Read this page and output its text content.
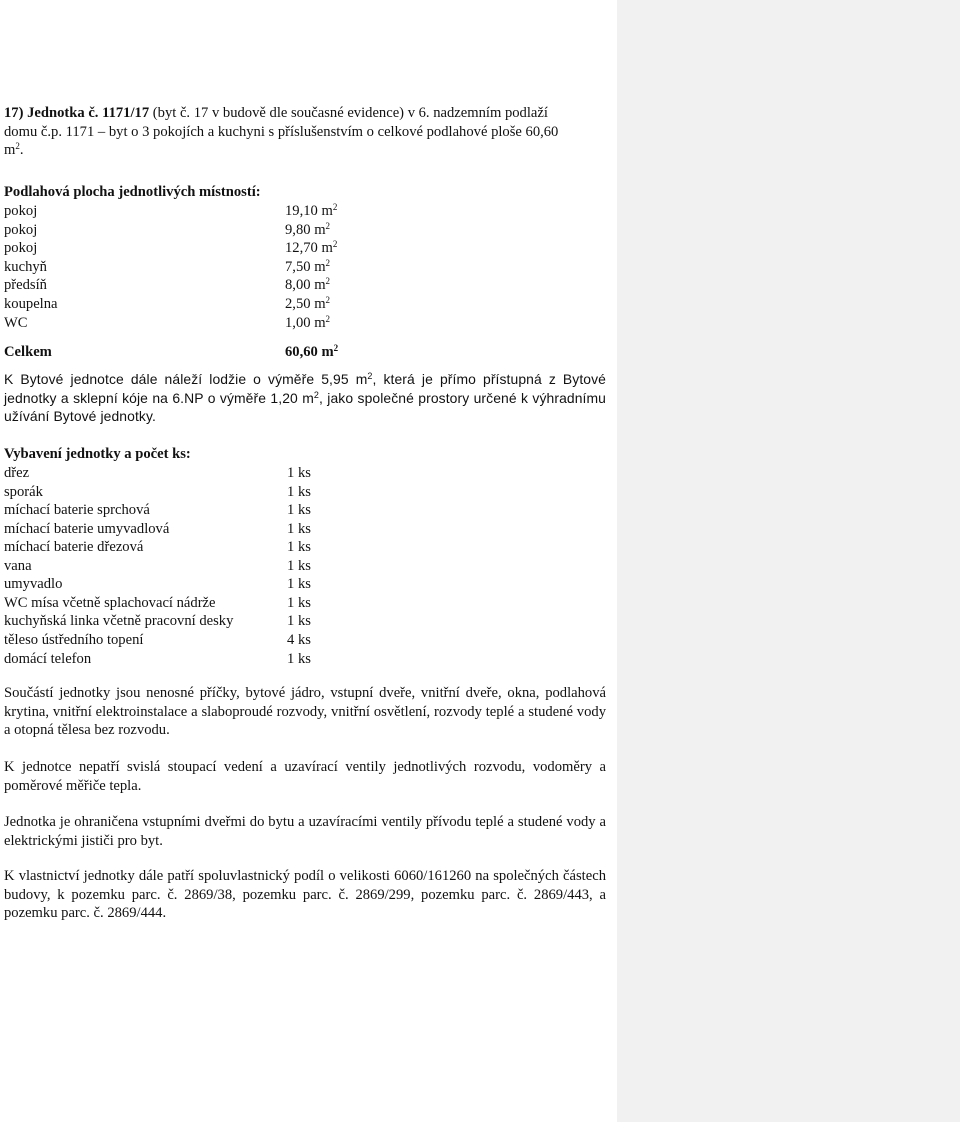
17) Jednotka č. 1171/17 (byt č. 17 v budově dle současné evidence) v 6. nadzemním podlaží domu č.p. 1171 – byt o 3 pokojích a kuchyni s příslušenstvím o celkové podlahové ploše 60,60 $m^2$.

Podlahová plocha jednotlivých místností:

pokoj	19,10 $m^2$
pokoj	9,80 $m^2$
pokoj	12,70 $m^2$
kuchyň	7,50 $m^2$
předsíň	8,00 $m^2$
koupelna	2,50 $m^2$
WC	1,00 $m^2$
Celkem	60,60 $m^2$

K Bytové jednotce dále náleží lodžie o výměře 5,95 $m^2$, která je přímo přístupná z Bytové jednotky a sklepní kóje na 6.NP o výměře 1,20 $m^2$, jako společné prostory určené k výhradnímu užívání Bytové jednotky.

Vybavení jednotky a počet ks:

dřez	1 ks
sporák	1 ks
míchací baterie sprchová	1 ks
míchací baterie umyvadlová	1 ks
míchací baterie dřezová	1 ks
vana	1 ks
umyvadlo	1 ks
WC mísa včetně splachovací nádrže	1 ks
kuchyňská linka včetně pracovní desky	1 ks
těleso ústředního topení	4 ks
domácí telefon	1 ks

Součástí jednotky jsou nenosné příčky, bytové jádro, vstupní dveře, vnitřní dveře, okna, podlahová krytina, vnitřní elektroinstalace a slaboproudé rozvody, vnitřní osvětlení, rozvody teplé a studené vody a otopná tělesa bez rozvodu.

K jednotce nepatří svislá stoupací vedení a uzavírací ventily jednotlivých rozvodu, vodoměry a poměrové měřiče tepla.

Jednotka je ohraničena vstupními dveřmi do bytu a uzavíracími ventily přívodu teplé a studené vody a elektrickými jističi pro byt.

K vlastnictví jednotky dále patří spoluvlastnický podíl o velikosti 6060/161260 na společných částech budovy, k pozemku parc. č. 2869/38, pozemku parc. č. 2869/299, pozemku parc. č. 2869/443, a pozemku parc. č. 2869/444.
